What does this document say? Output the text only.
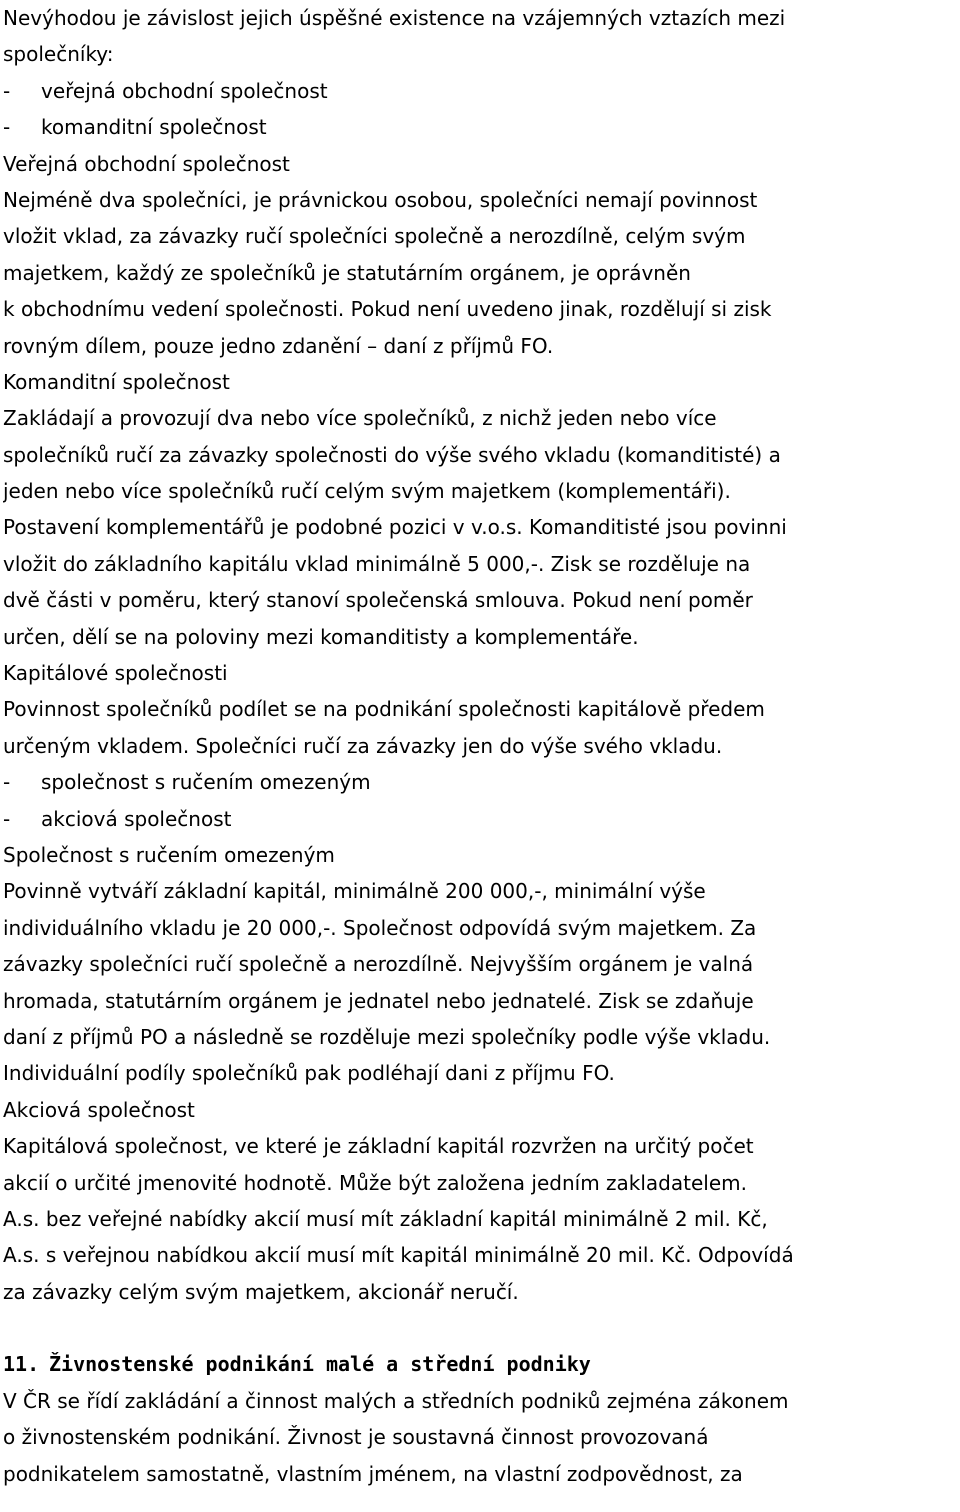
Nevýhodou je závislost jejich úspěšné existence na vzájemných vztazích mezi
společníky:
- veřejná obchodní společnost
- komanditní společnost
Veřejná obchodní společnost
Nejméně dva společníci, je právnickou osobou, společníci nemají povinnost
vložit vklad, za závazky ručí společníci společně a nerozdílně, celým svým
majetkem, každý ze společníků je statutárním orgánem, je oprávněn
k obchodnímu vedení společnosti. Pokud není uvedeno jinak, rozdělují si zisk
rovným dílem, pouze jedno zdanění – daní z příjmů FO.
Komanditní společnost
Zakládají a provozují dva nebo více společníků, z nichž jeden nebo více
společníků ručí za závazky společnosti do výše svého vkladu (komanditisté) a
jeden nebo více společníků ručí celým svým majetkem (komplementáři).
Postavení komplementářů je podobné pozici v v.o.s. Komanditisté jsou povinni
vložit do základního kapitálu vklad minimálně 5 000,-. Zisk se rozděluje na
dvě části v poměru, který stanoví společenská smlouva. Pokud není poměr
určen, dělí se na poloviny mezi komanditisty a komplementáře.
Kapitálové společnosti
Povinnost společníků podílet se na podnikání společnosti kapitálově předem
určeným vkladem. Společníci ručí za závazky jen do výše svého vkladu.
- společnost s ručením omezeným
- akciová společnost
Společnost s ručením omezeným
Povinně vytváří základní kapitál, minimálně 200 000,-, minimální výše
individuálního vkladu je 20 000,-. Společnost odpovídá svým majetkem. Za
závazky společníci ručí společně a nerozdílně. Nejvyšším orgánem je valná
hromada, statutárním orgánem je jednatel nebo jednatelé. Zisk se zdaňuje
daní z příjmů PO a následně se rozděluje mezi společníky podle výše vkladu.
Individuální podíly společníků pak podléhají dani z příjmu FO.
Akciová společnost
Kapitálová společnost, ve které je základní kapitál rozvržen na určitý počet
akcií o určité jmenovité hodnotě. Může být založena jedním zakladatelem.
A.s. bez veřejné nabídky akcií musí mít základní kapitál minimálně 2 mil. Kč,
A.s. s veřejnou nabídkou akcií musí mít kapitál minimálně 20 mil. Kč. Odpovídá
za závazky celým svým majetkem, akcionář neručí.
11. Živnostenské podnikání malé a střední podniky
V ČR se řídí zakládání a činnost malých a středních podniků zejména zákonem
o živnostenském podnikání. Živnost je soustavná činnost provozovaná
podnikatelem samostatně, vlastním jménem, na vlastní zodpovědnost, za
